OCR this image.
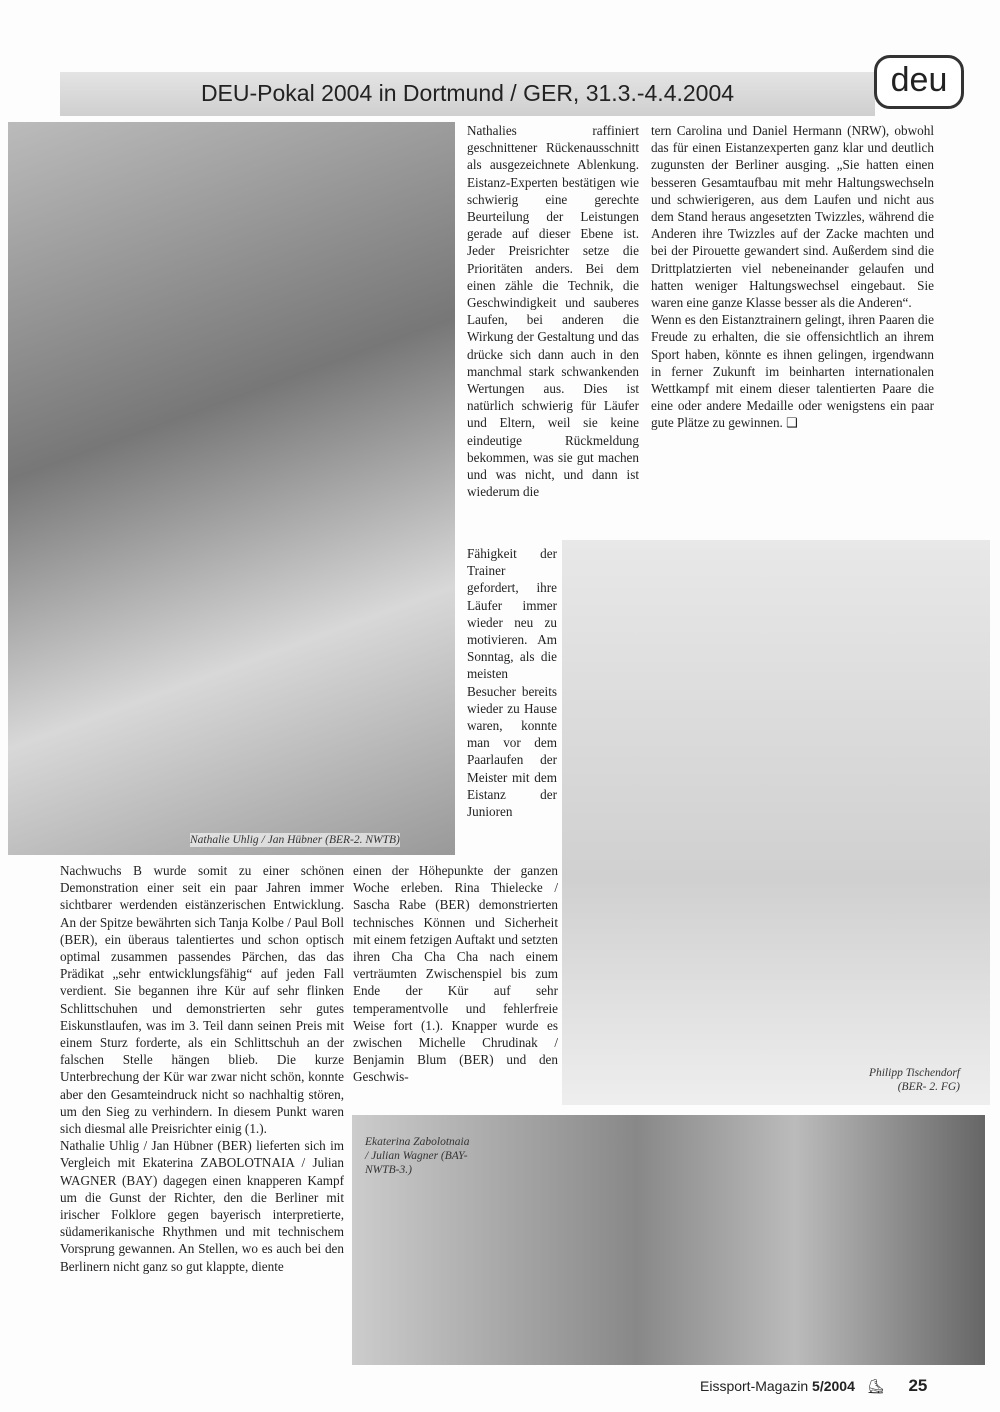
DEU-Pokal 2004 in Dortmund / GER, 31.3.-4.4.2004	deu
Nathalie Uhlig / Jan Hübner (BER-2. NWTB)

Nathalies raffiniert geschnittener Rückenausschnitt als ausgezeichnete Ablenkung. Eistanz-Experten bestätigen wie schwierig eine gerechte Beurteilung der Leistungen gerade auf dieser Ebene ist. Jeder Preisrichter setze die Prioritäten anders. Bei dem einen zähle die Technik, die Geschwindigkeit und sauberes Laufen, bei anderen die Wirkung der Gestaltung und das drücke sich dann auch in den manchmal stark schwankenden Wertungen aus. Dies ist natürlich schwierig für Läufer und Eltern, weil sie keine eindeutige Rückmeldung bekommen, was sie gut machen und was nicht, und dann ist wiederum die

Fähigkeit der Trainer gefordert, ihre Läufer immer wieder neu zu motivieren. Am Sonntag, als die meisten Besucher bereits wieder zu Hause waren, konnte man vor dem Paarlaufen der Meister mit dem Eistanz der Junioren

tern Carolina und Daniel Hermann (NRW), obwohl das für einen Eistanzexperten ganz klar und deutlich zugunsten der Berliner ausging. „Sie hatten einen besseren Gesamtaufbau mit mehr Haltungswechseln und schwierigeren, aus dem Laufen und nicht aus dem Stand heraus angesetzten Twizzles, während die Anderen ihre Twizzles auf der Zacke machten und bei der Pirouette gewandert sind. Außerdem sind die Drittplatzierten viel nebeneinander gelaufen und hatten weniger Haltungswechsel eingebaut. Sie waren eine ganze Klasse besser als die Anderen“.

Wenn es den Eistanztrainern gelingt, ihren Paaren die Freude zu erhalten, die sie offensichtlich an ihrem Sport haben, könnte es ihnen gelingen, irgendwann in ferner Zukunft im beinharten internationalen Wettkampf mit einem dieser talentierten Paare die eine oder andere Medaille oder wenigstens ein paar gute Plätze zu gewinnen. ❑

Philipp Tischendorf (BER- 2. FG)

Nachwuchs B wurde somit zu einer schönen Demonstration einer seit ein paar Jahren immer sichtbarer werdenden eistänzerischen Entwicklung. An der Spitze bewährten sich Tanja Kolbe / Paul Boll (BER), ein überaus talentiertes und schon optisch optimal zusammen passendes Pärchen, das das Prädikat „sehr entwicklungsfähig“ auf jeden Fall verdient. Sie begannen ihre Kür auf sehr flinken Schlittschuhen und demonstrierten sehr gutes Eiskunstlaufen, was im 3. Teil dann seinen Preis mit einem Sturz forderte, als ein Schlittschuh an der falschen Stelle hängen blieb. Die kurze Unterbrechung der Kür war zwar nicht schön, konnte aber den Gesamteindruck nicht so nachhaltig stören, um den Sieg zu verhindern. In diesem Punkt waren sich diesmal alle Preisrichter einig (1.).

Nathalie Uhlig / Jan Hübner (BER) lieferten sich im Vergleich mit Ekaterina ZABOLOTNAIA / Julian WAGNER (BAY) dagegen einen knapperen Kampf um die Gunst der Richter, den die Berliner mit irischer Folklore gegen bayerisch interpretierte, südamerikanische Rhythmen und mit technischem Vorsprung gewannen. An Stellen, wo es auch bei den Berlinern nicht ganz so gut klappte, diente

einen der Höhepunkte der ganzen Woche erleben. Rina Thielecke / Sascha Rabe (BER) demonstrierten technisches Können und Sicherheit mit einem fetzigen Auftakt und setzten ihren Cha Cha Cha nach einem verträumten Zwischenspiel bis zum Ende der Kür auf sehr temperamentvolle und fehlerfreie Weise fort (1.). Knapper wurde es zwischen Michelle Chrudinak / Benjamin Blum (BER) und den Geschwis-

Ekaterina Zabolotnaia / Julian Wagner (BAY-NWTB-3.)
Eissport-Magazin 5/2004 ⛸ 25
